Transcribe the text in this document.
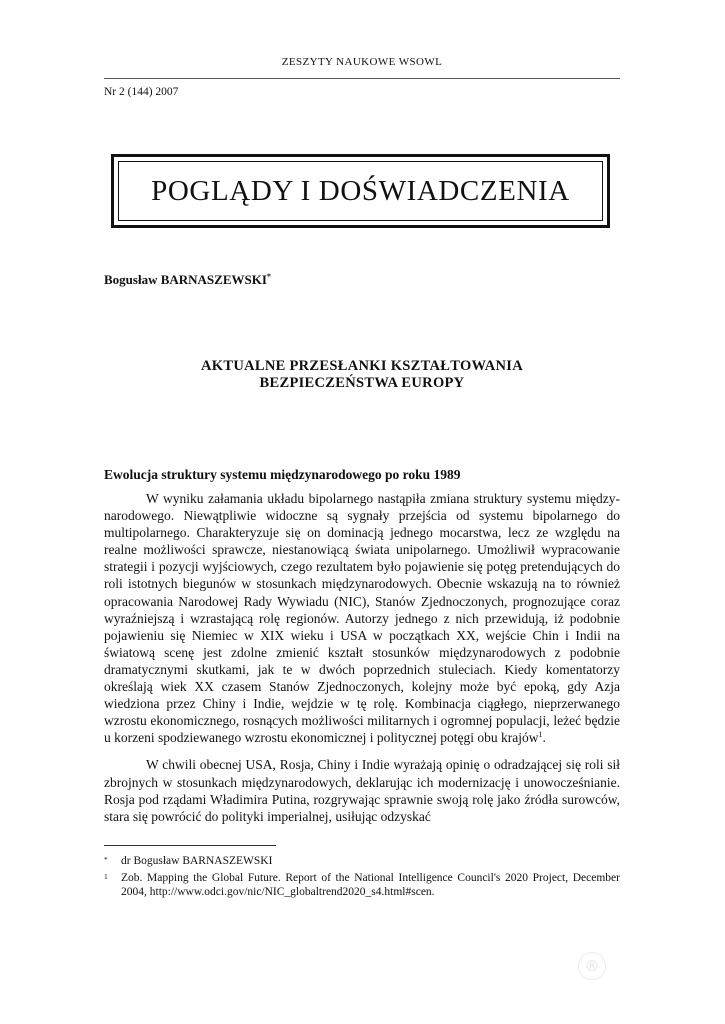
ZESZYTY NAUKOWE WSOWL
Nr 2 (144) 2007
POGLĄDY I DOŚWIADCZENIA
Bogusław BARNASZEWSKI*
AKTUALNE PRZESŁANKI KSZTAŁTOWANIA
BEZPIECZEŃSTWA EUROPY
Ewolucja struktury systemu międzynarodowego po roku 1989

W wyniku załamania układu bipolarnego nastąpiła zmiana struktury systemu międzynarodowego. Niewątpliwie widoczne są sygnały przejścia od systemu bipolarnego do multipolarnego. Charakteryzuje się on dominacją jednego mocarstwa, lecz ze względu na realne możliwości sprawcze, niestanowiącą świata unipolarnego. Umożliwił wypracowanie strategii i pozycji wyjściowych, czego rezultatem było pojawienie się potęg pretendujących do roli istotnych biegunów w stosunkach międzynarodowych. Obecnie wskazują na to również opracowania Narodowej Rady Wywiadu (NIC), Stanów Zjednoczonych, prognozujące coraz wyraźniejszą i wzrastającą rolę regionów. Autorzy jednego z nich przewidują, iż podobnie pojawieniu się Niemiec w XIX wieku i USA w początkach XX, wejście Chin i Indii na światową scenę jest zdolne zmienić kształt stosunków międzynarodowych z podobnie dramatycznymi skutkami, jak te w dwóch poprzednich stuleciach. Kiedy komentatorzy określają wiek XX czasem Stanów Zjednoczonych, kolejny może być epoką, gdy Azja wiedziona przez Chiny i Indie, wejdzie w tę rolę. Kombinacja ciągłego, nieprzerwanego wzrostu ekonomicznego, rosnących możliwości militarnych i ogromnej populacji, leżeć będzie u korzeni spodziewanego wzrostu ekonomicznej i politycznej potęgi obu krajów$^1$.

W chwili obecnej USA, Rosja, Chiny i Indie wyrażają opinię o odradzającej się roli sił zbrojnych w stosunkach międzynarodowych, deklarując ich modernizację i unowocześnianie. Rosja pod rządami Władimira Putina, rozgrywając sprawnie swoją rolę jako źródła surowców, stara się powrócić do polityki imperialnej, usiłując odzyskać

*	dr Bogusław BARNASZEWSKI
1	Zob. Mapping the Global Future. Report of the National Intelligence Council's 2020 Project, December 2004, http://www.odci.gov/nic/NIC_globaltrend2020_s4.html#scen.
®
